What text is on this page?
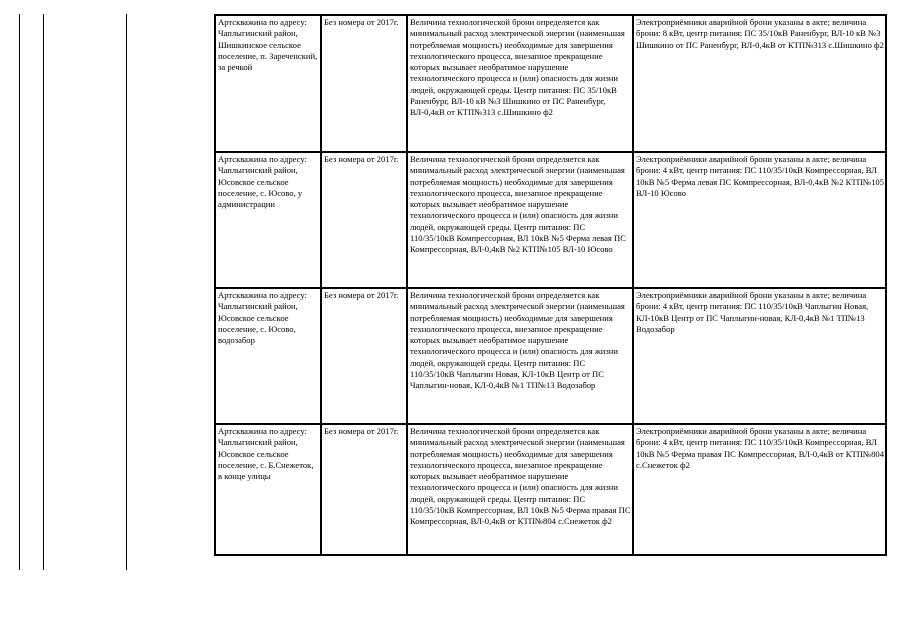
Артскважина по адресу: Чаплыгинский район, Шишкинское сельское поселение, п. Зареченский, за речкой	Без номера от 2017г.	Величина технологической брони определяется как минимальный расход электрической энергии (наименьшая потребляемая мощность) необходимые для завершения технологического процесса, внезапное прекращение которых вызывает необратимое нарушение технологического процесса и (или) опасность для жизни людей, окружающей среды. Центр питания: ПС 35/10кВ Раненбург, ВЛ-10 кВ №3 Шишкино от ПС Раненбург, ВЛ-0,4кВ от КТП№313 с.Шишкино ф2	Электроприёмники аварийной брони указаны в акте; величина брони: 8 кВт, центр питания: ПС 35/10кВ Раненбург, ВЛ-10 кВ №3 Шишкино от ПС Раненбург, ВЛ-0,4кВ от КТП№313 с.Шишкино ф2
Артскважина по адресу: Чаплыгинский район, Юсовское сельское поселение, с. Юсово, у администрации	Без номера от 2017г.	Величина технологической брони определяется как минимальный расход электрической энергии (наименьшая потребляемая мощность) необходимые для завершения технологического процесса, внезапное прекращение которых вызывает необратимое нарушение технологического процесса и (или) опасность для жизни людей, окружающей среды. Центр питания: ПС 110/35/10кВ Компрессорная, ВЛ 10кВ №5 Ферма левая ПС Компрессорная, ВЛ-0,4кВ №2 КТП№105 ВЛ-10 Юсово	Электроприёмники аварийной брони указаны в акте; величина брони: 4 кВт, центр питания: ПС 110/35/10кВ Компрессорная, ВЛ 10кВ №5 Ферма левая ПС Компрессорная, ВЛ-0,4кВ №2 КТП№105 ВЛ-10 Юсово
Артскважина по адресу: Чаплыгинский район, Юсовское сельское поселение, с. Юсово, водозабор	Без номера от 2017г.	Величина технологической брони определяется как минимальный расход электрической энергии (наименьшая потребляемая мощность) необходимые для завершения технологического процесса, внезапное прекращение которых вызывает необратимое нарушение технологического процесса и (или) опасность для жизни людей, окружающей среды. Центр питания: ПС 110/35/10кВ Чаплыгин Новая, КЛ-10кВ Центр от ПС Чаплыгин-новая, КЛ-0,4кВ №1 ТП№13 Водозабор	Электроприёмники аварийной брони указаны в акте; величина брони: 4 кВт, центр питания: ПС 110/35/10кВ Чаплыгин Новая, КЛ-10кВ Центр от ПС Чаплыгин-новая, КЛ-0,4кВ №1 ТП№13 Водозабор
Артскважина по адресу: Чаплыгинский район, Юсовское сельское поселение, с. Б.Снежеток, в конце улицы	Без номера от 2017г.	Величина технологической брони определяется как минимальный расход электрической энергии (наименьшая потребляемая мощность) необходимые для завершения технологического процесса, внезапное прекращение которых вызывает необратимое нарушение технологического процесса и (или) опасность для жизни людей, окружающей среды. Центр питания: ПС 110/35/10кВ Компрессорная, ВЛ 10кВ №5 Ферма правая ПС Компрессорная, ВЛ-0,4кВ от КТП№804 с.Снежеток ф2	Электроприёмники аварийной брони указаны в акте; величина брони: 4 кВт, центр питания: ПС 110/35/10кВ Компрессорная, ВЛ 10кВ №5 Ферма правая ПС Компрессорная, ВЛ-0,4кВ от КТП№804 с.Снежеток ф2
